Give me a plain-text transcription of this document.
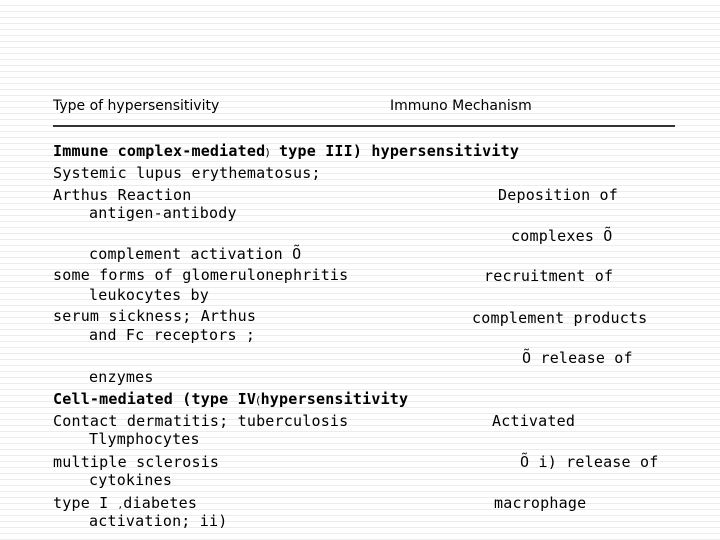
Type of hypersensitivity	Immuno Mechanism
Immune complex-mediated) type III) hypersensitivity
Systemic lupus erythematosus;
Arthus Reaction
antigen-antibody
complement activation Õ
some forms of glomerulonephritis
leukocytes by
serum sickness; Arthus
and Fc receptors ;
enzymes
Cell-mediated (type IV(hypersensitivity
Contact dermatitis; tuberculosis
Tlymphocytes
multiple sclerosis
cytokines
type I ,diabetes
activation; ii)
Deposition of
complexes Õ
recruitment of
complement products
Õ release of
Activated
Õ i) release of
macrophage
